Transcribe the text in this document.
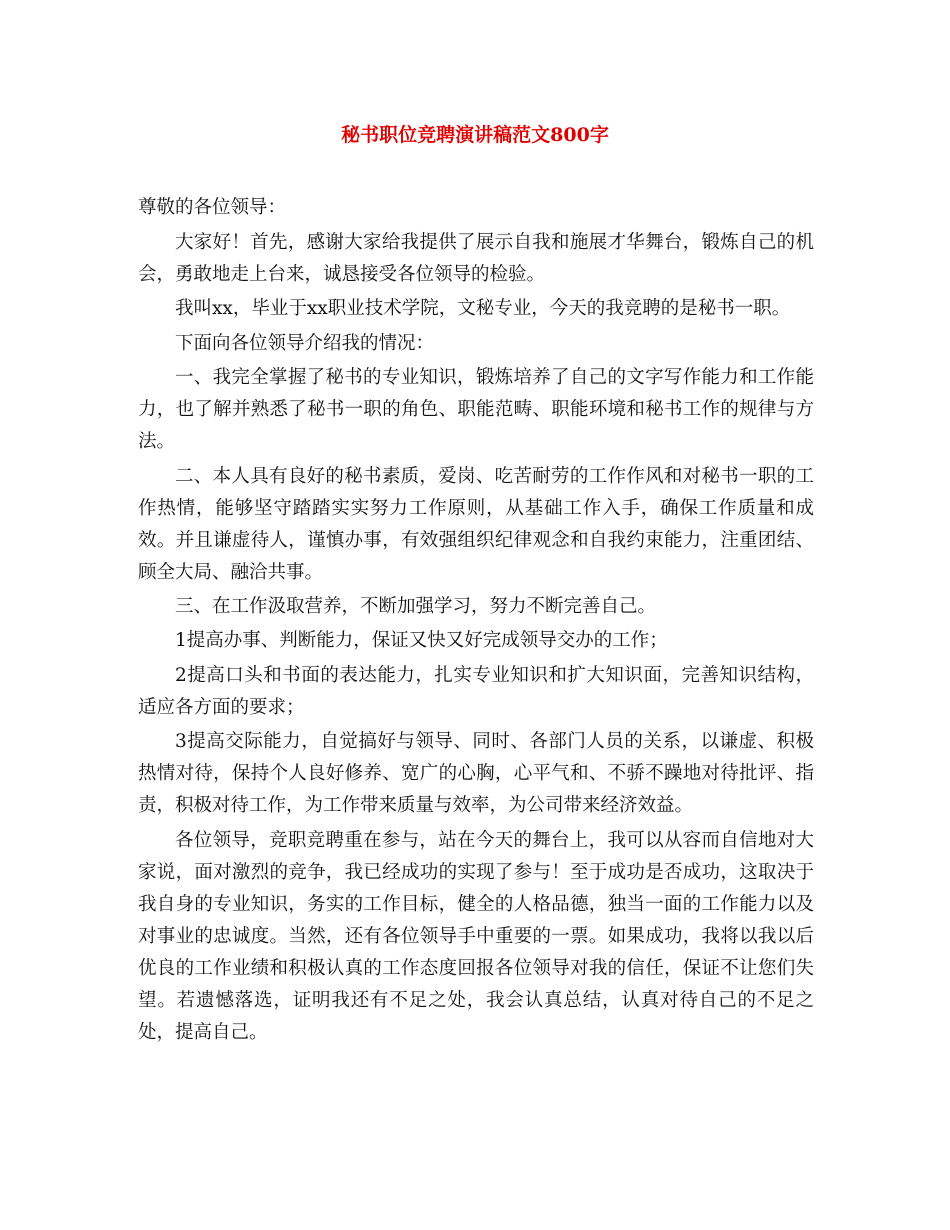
秘书职位竞聘演讲稿范文800字

尊敬的各位领导：

大家好！首先，感谢大家给我提供了展示自我和施展才华舞台，锻炼自己的机会，勇敢地走上台来，诚恳接受各位领导的检验。

我叫xx，毕业于xx职业技术学院，文秘专业，今天的我竞聘的是秘书一职。

下面向各位领导介绍我的情况：

一、我完全掌握了秘书的专业知识，锻炼培养了自己的文字写作能力和工作能力，也了解并熟悉了秘书一职的角色、职能范畴、职能环境和秘书工作的规律与方法。

二、本人具有良好的秘书素质，爱岗、吃苦耐劳的工作作风和对秘书一职的工作热情，能够坚守踏踏实实努力工作原则，从基础工作入手，确保工作质量和成效。并且谦虚待人，谨慎办事，有效强组织纪律观念和自我约束能力，注重团结、顾全大局、融洽共事。

三、在工作汲取营养，不断加强学习，努力不断完善自己。

1提高办事、判断能力，保证又快又好完成领导交办的工作；

2提高口头和书面的表达能力，扎实专业知识和扩大知识面，完善知识结构，适应各方面的要求；

3提高交际能力，自觉搞好与领导、同时、各部门人员的关系，以谦虚、积极热情对待，保持个人良好修养、宽广的心胸，心平气和、不骄不躁地对待批评、指责，积极对待工作，为工作带来质量与效率，为公司带来经济效益。

各位领导，竞职竞聘重在参与，站在今天的舞台上，我可以从容而自信地对大家说，面对激烈的竞争，我已经成功的实现了参与！至于成功是否成功，这取决于我自身的专业知识，务实的工作目标，健全的人格品德，独当一面的工作能力以及对事业的忠诚度。当然，还有各位领导手中重要的一票。如果成功，我将以我以后优良的工作业绩和积极认真的工作态度回报各位领导对我的信任，保证不让您们失望。若遗憾落选，证明我还有不足之处，我会认真总结，认真对待自己的不足之处，提高自己。
